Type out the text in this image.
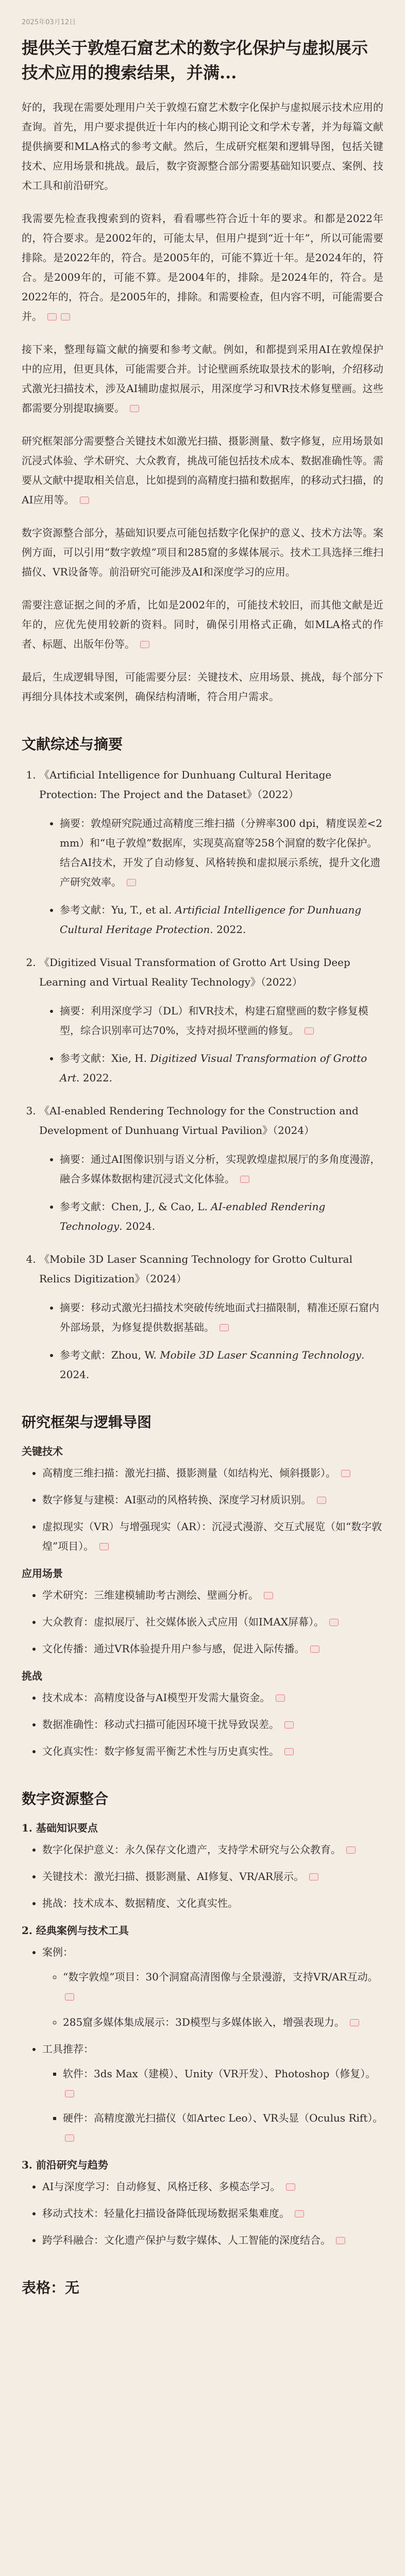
2025年03月12日
提供关于敦煌石窟艺术的数字化保护与虚拟展示技术应用的搜索结果，并满...

好的，我现在需要处理用户关于敦煌石窟艺术数字化保护与虚拟展示技术应用的查询。首先，用户要求提供近十年内的核心期刊论文和学术专著，并为每篇文献提供摘要和MLA格式的参考文献。然后，生成研究框架和逻辑导图，包括关键技术、应用场景和挑战。最后，数字资源整合部分需要基础知识要点、案例、技术工具和前沿研究。

我需要先检查我搜索到的资料，看看哪些符合近十年的要求。和都是2022年的，符合要求。是2002年的，可能太早，但用户提到“近十年”，所以可能需要排除。是2022年的，符合。是2005年的，可能不算近十年。是2024年的，符合。是2009年的，可能不算。是2004年的，排除。是2024年的，符合。是2022年的，符合。是2005年的，排除。和需要检查，但内容不明，可能需要合并。

接下来，整理每篇文献的摘要和参考文献。例如，和都提到采用AI在敦煌保护中的应用，但更具体，可能需要合并。讨论壁画系统取景技术的影响，介绍移动式激光扫描技术，涉及AI辅助虚拟展示，用深度学习和VR技术修复壁画。这些都需要分别提取摘要。

研究框架部分需要整合关键技术如激光扫描、摄影测量、数字修复，应用场景如沉浸式体验、学术研究、大众教育，挑战可能包括技术成本、数据准确性等。需要从文献中提取相关信息，比如提到的高精度扫描和数据库，的移动式扫描，的AI应用等。

数字资源整合部分，基础知识要点可能包括数字化保护的意义、技术方法等。案例方面，可以引用“数字敦煌”项目和285窟的多媒体展示。技术工具选择三维扫描仪、VR设备等。前沿研究可能涉及AI和深度学习的应用。

需要注意证据之间的矛盾，比如是2002年的，可能技术较旧，而其他文献是近年的，应优先使用较新的资料。同时，确保引用格式正确，如MLA格式的作者、标题、出版年份等。

最后，生成逻辑导图，可能需要分层：关键技术、应用场景、挑战，每个部分下再细分具体技术或案例，确保结构清晰，符合用户需求。

文献综述与摘要
1. 《Artificial Intelligence for Dunhuang Cultural Heritage Protection: The Project and the Dataset》（2022）
• 摘要：敦煌研究院通过高精度三维扫描（分辨率300 dpi，精度误差<2 mm）和“电子敦煌”数据库，实现莫高窟等258个洞窟的数字化保护。结合AI技术，开发了自动修复、风格转换和虚拟展示系统，提升文化遗产研究效率。
• 参考文献：Yu, T., et al. Artificial Intelligence for Dunhuang Cultural Heritage Protection. 2022.
2. 《Digitized Visual Transformation of Grotto Art Using Deep Learning and Virtual Reality Technology》（2022）
• 摘要：利用深度学习（DL）和VR技术，构建石窟壁画的数字修复模型，综合识别率可达70%，支持对损坏壁画的修复。
• 参考文献：Xie, H. Digitized Visual Transformation of Grotto Art. 2022.
3. 《AI-enabled Rendering Technology for the Construction and Development of Dunhuang Virtual Pavilion》（2024）
• 摘要：通过AI图像识别与语义分析，实现敦煌虚拟展厅的多角度漫游，融合多媒体数据构建沉浸式文化体验。
• 参考文献：Chen, J., & Cao, L. AI-enabled Rendering Technology. 2024.
4. 《Mobile 3D Laser Scanning Technology for Grotto Cultural Relics Digitization》（2024）
• 摘要：移动式激光扫描技术突破传统地面式扫描限制，精准还原石窟内外部场景，为修复提供数据基础。
• 参考文献：Zhou, W. Mobile 3D Laser Scanning Technology. 2024.
研究框架与逻辑导图
关键技术
• 高精度三维扫描：激光扫描、摄影测量（如结构光、倾斜摄影）。
• 数字修复与建模：AI驱动的风格转换、深度学习材质识别。
• 虚拟现实（VR）与增强现实（AR）：沉浸式漫游、交互式展览（如“数字敦煌”项目）。
应用场景
• 学术研究：三维建模辅助考古测绘、壁画分析。
• 大众教育：虚拟展厅、社交媒体嵌入式应用（如IMAX屏幕）。
• 文化传播：通过VR体验提升用户参与感，促进入际传播。
挑战
• 技术成本：高精度设备与AI模型开发需大量资金。
• 数据准确性：移动式扫描可能因环境干扰导致误差。
• 文化真实性：数字修复需平衡艺术性与历史真实性。
数字资源整合
1. 基础知识要点
• 数字化保护意义：永久保存文化遗产，支持学术研究与公众教育。
• 关键技术：激光扫描、摄影测量、AI修复、VR/AR展示。
• 挑战：技术成本、数据精度、文化真实性。
2. 经典案例与技术工具
• 案例：
◦ “数字敦煌”项目：30个洞窟高清图像与全景漫游，支持VR/AR互动。
◦ 285窟多媒体集成展示：3D模型与多媒体嵌入，增强表现力。
• 工具推荐：
▪ 软件：3ds Max（建模）、Unity（VR开发）、Photoshop（修复）。
▪ 硬件：高精度激光扫描仪（如Artec Leo）、VR头显（Oculus Rift）。
3. 前沿研究与趋势
• AI与深度学习：自动修复、风格迁移、多模态学习。
• 移动式技术：轻量化扫描设备降低现场数据采集难度。
• 跨学科融合：文化遗产保护与数字媒体、人工智能的深度结合。
表格：无
